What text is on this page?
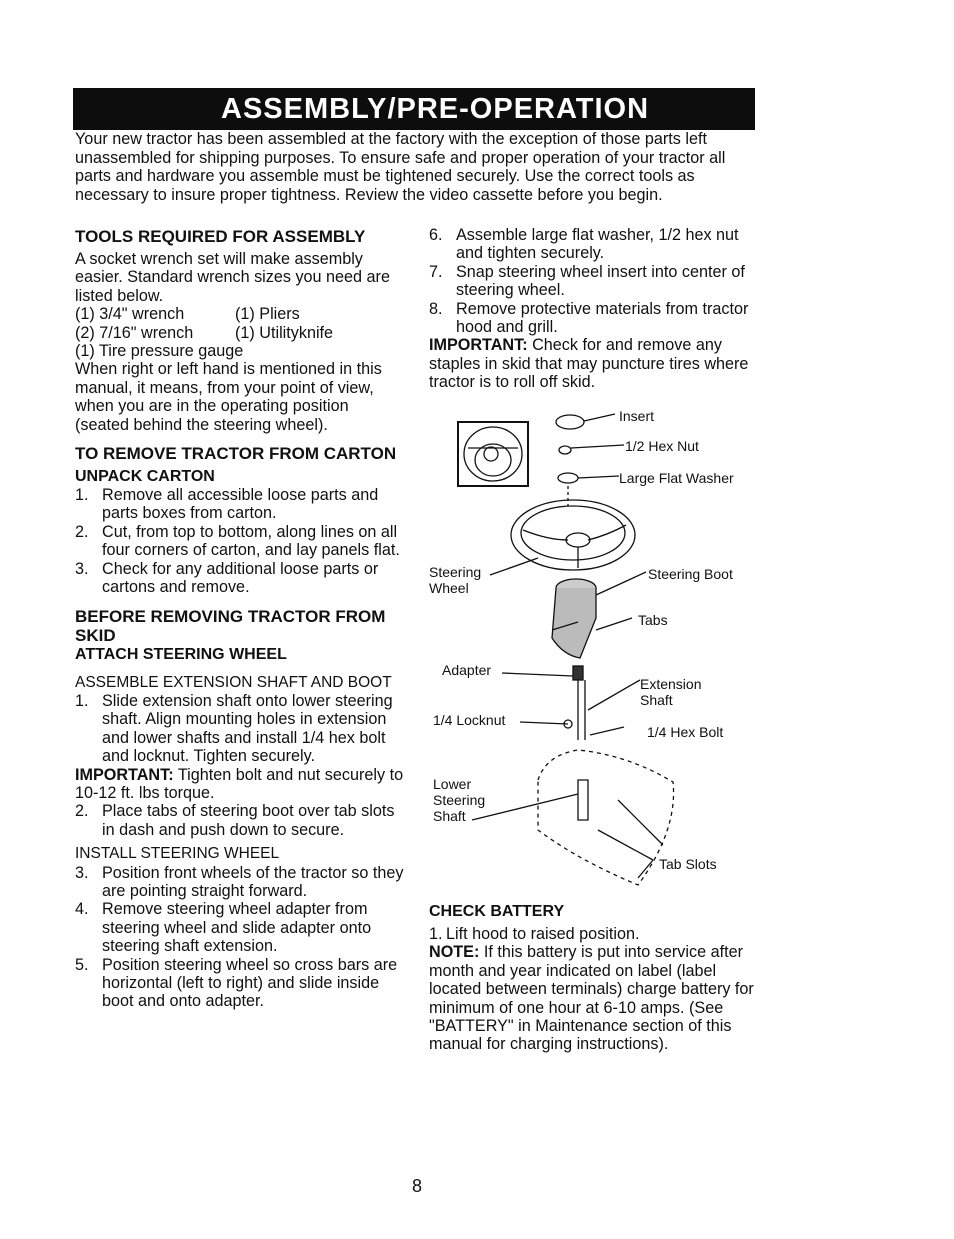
ASSEMBLY/PRE-OPERATION

Your new tractor has been assembled at the factory with the exception of those parts left unassembled for shipping purposes. To ensure safe and proper operation of your tractor all parts and hardware you assemble must be tightened securely. Use the correct tools as necessary to insure proper tightness. Review the video cassette before you begin.

TOOLS REQUIRED FOR ASSEMBLY

A socket wrench set will make assembly easier. Standard wrench sizes you need are listed below.

(1) 3/4" wrench	(1) Pliers
(2) 7/16" wrench	(1) Utilityknife

(1) Tire pressure gauge

When right or left hand is mentioned in this manual, it means, from your point of view, when you are in the operating position (seated behind the steering wheel).

TO REMOVE TRACTOR FROM CARTON

UNPACK CARTON

1. Remove all accessible loose parts and parts boxes from carton.
2. Cut, from top to bottom, along lines on all four corners of carton, and lay panels flat.
3. Check for any additional loose parts or cartons and remove.

BEFORE REMOVING TRACTOR FROM SKID

ATTACH STEERING WHEEL

ASSEMBLE EXTENSION SHAFT AND BOOT

1. Slide extension shaft onto lower steering shaft. Align mounting holes in extension and lower shafts and install 1/4 hex bolt and locknut. Tighten securely.

IMPORTANT: Tighten bolt and nut securely to 10-12 ft. lbs torque.

2. Place tabs of steering boot over tab slots in dash and push down to secure.

INSTALL STEERING WHEEL

3. Position front wheels of the tractor so they are pointing straight forward.
4. Remove steering wheel adapter from steering wheel and slide adapter onto steering shaft extension.
5. Position steering wheel so cross bars are horizontal (left to right) and slide inside boot and onto adapter.
6. Assemble large flat washer, 1/2 hex nut and tighten securely.
7. Snap steering wheel insert into center of steering wheel.
8. Remove protective materials from tractor hood and grill.

IMPORTANT: Check for and remove any staples in skid that may puncture tires where tractor is to roll off skid.

Insert
1/2 Hex Nut
Large Flat Washer
Steering Wheel
Steering Boot
Tabs
Adapter
Extension Shaft
1/4 Locknut
1/4 Hex Bolt
Lower Steering Shaft
Tab Slots

CHECK BATTERY

1. Lift hood to raised position.

NOTE: If this battery is put into service after month and year indicated on label (label located between terminals) charge battery for minimum of one hour at 6-10 amps. (See "BATTERY" in Maintenance section of this manual for charging instructions).

8
